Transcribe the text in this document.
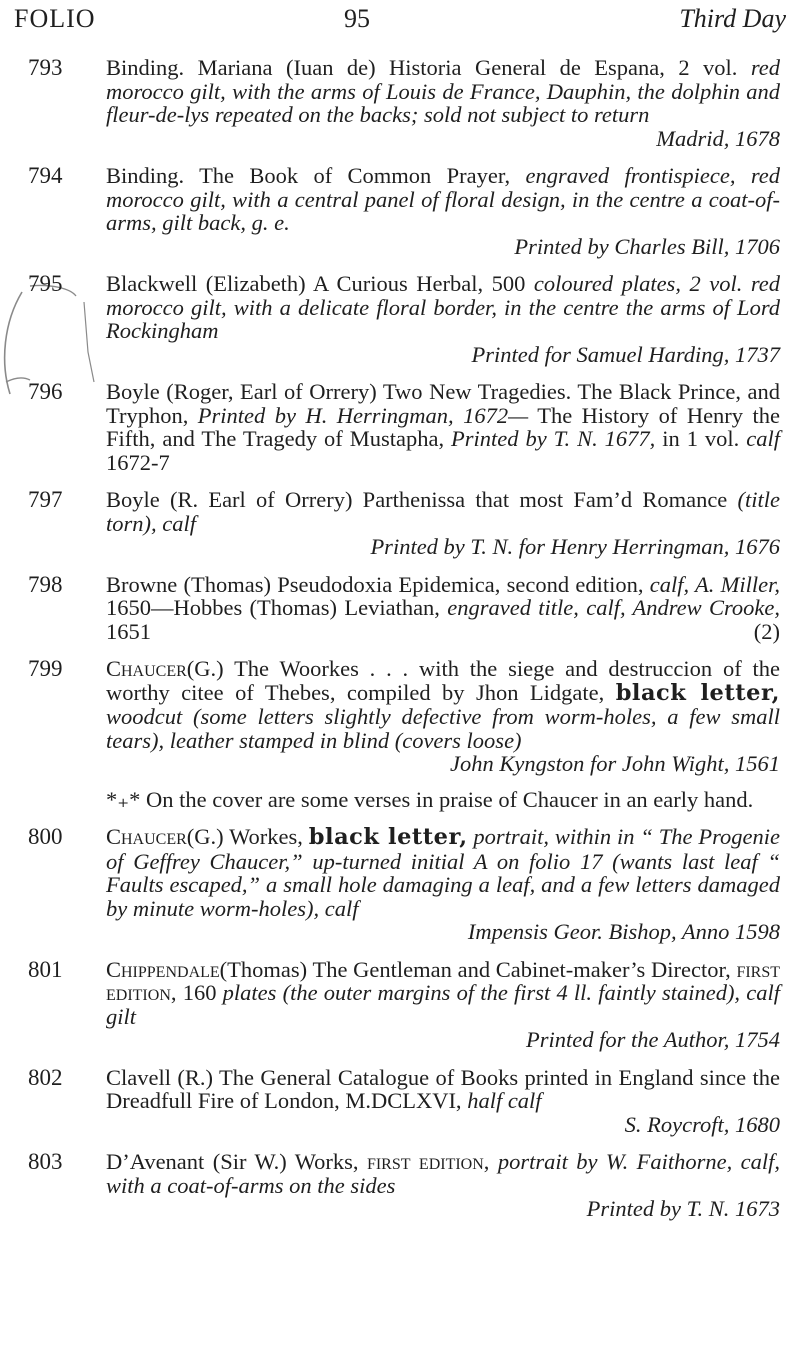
FOLIO	95	Third Day
793	Binding. Mariana (Iuan de) Historia General de Espana, 2 vol. red morocco gilt, with the arms of Louis de France, Dauphin, the dolphin and fleur-de-lys repeated on the backs; sold not subject to return
Madrid, 1678
794	Binding. The Book of Common Prayer, engraved frontispiece, red morocco gilt, with a central panel of floral design, in the centre a coat-of-arms, gilt back, g. e.
Printed by Charles Bill, 1706
795	Blackwell (Elizabeth) A Curious Herbal, 500 coloured plates, 2 vol. red morocco gilt, with a delicate floral border, in the centre the arms of Lord Rockingham
Printed for Samuel Harding, 1737
796	Boyle (Roger, Earl of Orrery) Two New Tragedies. The Black Prince, and Tryphon, Printed by H. Herringman, 1672— The History of Henry the Fifth, and The Tragedy of Mustapha, Printed by T. N. 1677, in 1 vol. calf 1672-7
797	Boyle (R. Earl of Orrery) Parthenissa that most Fam’d Romance (title torn), calf
Printed by T. N. for Henry Herringman, 1676
798	Browne (Thomas) Pseudodoxia Epidemica, second edition, calf, A. Miller, 1650—Hobbes (Thomas) Leviathan, engraved title, calf, Andrew Crooke, 1651	(2)
799	Chaucer(G.) The Woorkes . . . with the siege and destruccion of the worthy citee of Thebes, compiled by Jhon Lidgate, black letter, woodcut (some letters slightly defective from worm-holes, a few small tears), leather stamped in blind (covers loose)
John Kyngston for John Wight, 1561
*₊* On the cover are some verses in praise of Chaucer in an early hand.
800	Chaucer(G.) Workes, black letter, portrait, within in “ The Progenie of Geffrey Chaucer,” up-turned initial A on folio 17 (wants last leaf “ Faults escaped,” a small hole damaging a leaf, and a few letters damaged by minute worm-holes), calf
Impensis Geor. Bishop, Anno 1598
801	Chippendale(Thomas) The Gentleman and Cabinet-maker’s Director, first edition, 160 plates (the outer margins of the first 4 ll. faintly stained), calf gilt
Printed for the Author, 1754
802	Clavell (R.) The General Catalogue of Books printed in England since the Dreadfull Fire of London, M.DCLXVI, half calf
S. Roycroft, 1680
803	D’Avenant (Sir W.) Works, first edition, portrait by W. Faithorne, calf, with a coat-of-arms on the sides
Printed by T. N. 1673
